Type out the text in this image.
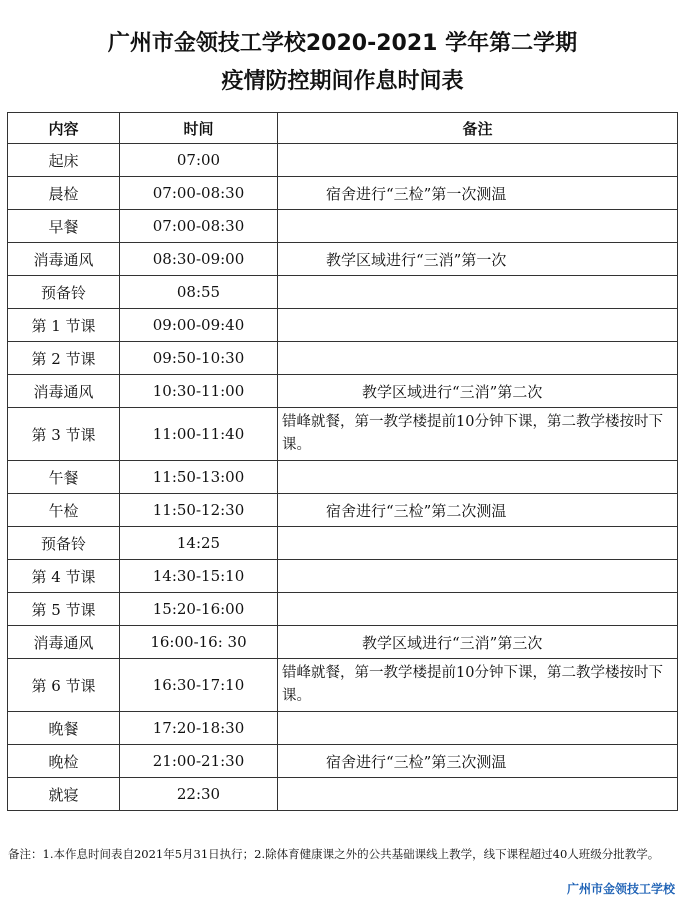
广州市金领技工学校2020-2021 学年第二学期
疫情防控期间作息时间表
内容	时间	备注
起床	07:00	
晨检	07:00-08:30	宿舍进行“三检”第一次测温
早餐	07:00-08:30	
消毒通风	08:30-09:00	教学区域进行“三消”第一次
预备铃	08:55	
第 1 节课	09:00-09:40	
第 2 节课	09:50-10:30	
消毒通风	10:30-11:00	教学区域进行“三消”第二次
第 3 节课	11:00-11:40	错峰就餐，第一教学楼提前10分钟下课，第二教学楼按时下课。
午餐	11:50-13:00	
午检	11:50-12:30	宿舍进行“三检”第二次测温
预备铃	14:25	
第 4 节课	14:30-15:10	
第 5 节课	15:20-16:00	
消毒通风	16:00-16: 30	教学区域进行“三消”第三次
第 6 节课	16:30-17:10	错峰就餐，第一教学楼提前10分钟下课，第二教学楼按时下课。
晚餐	17:20-18:30	
晚检	21:00-21:30	宿舍进行“三检”第三次测温
就寝	22:30	
备注：1.本作息时间表自2021年5月31日执行；2.除体育健康课之外的公共基础课线上教学，线下课程超过40人班级分批教学。
广州市金领技工学校
